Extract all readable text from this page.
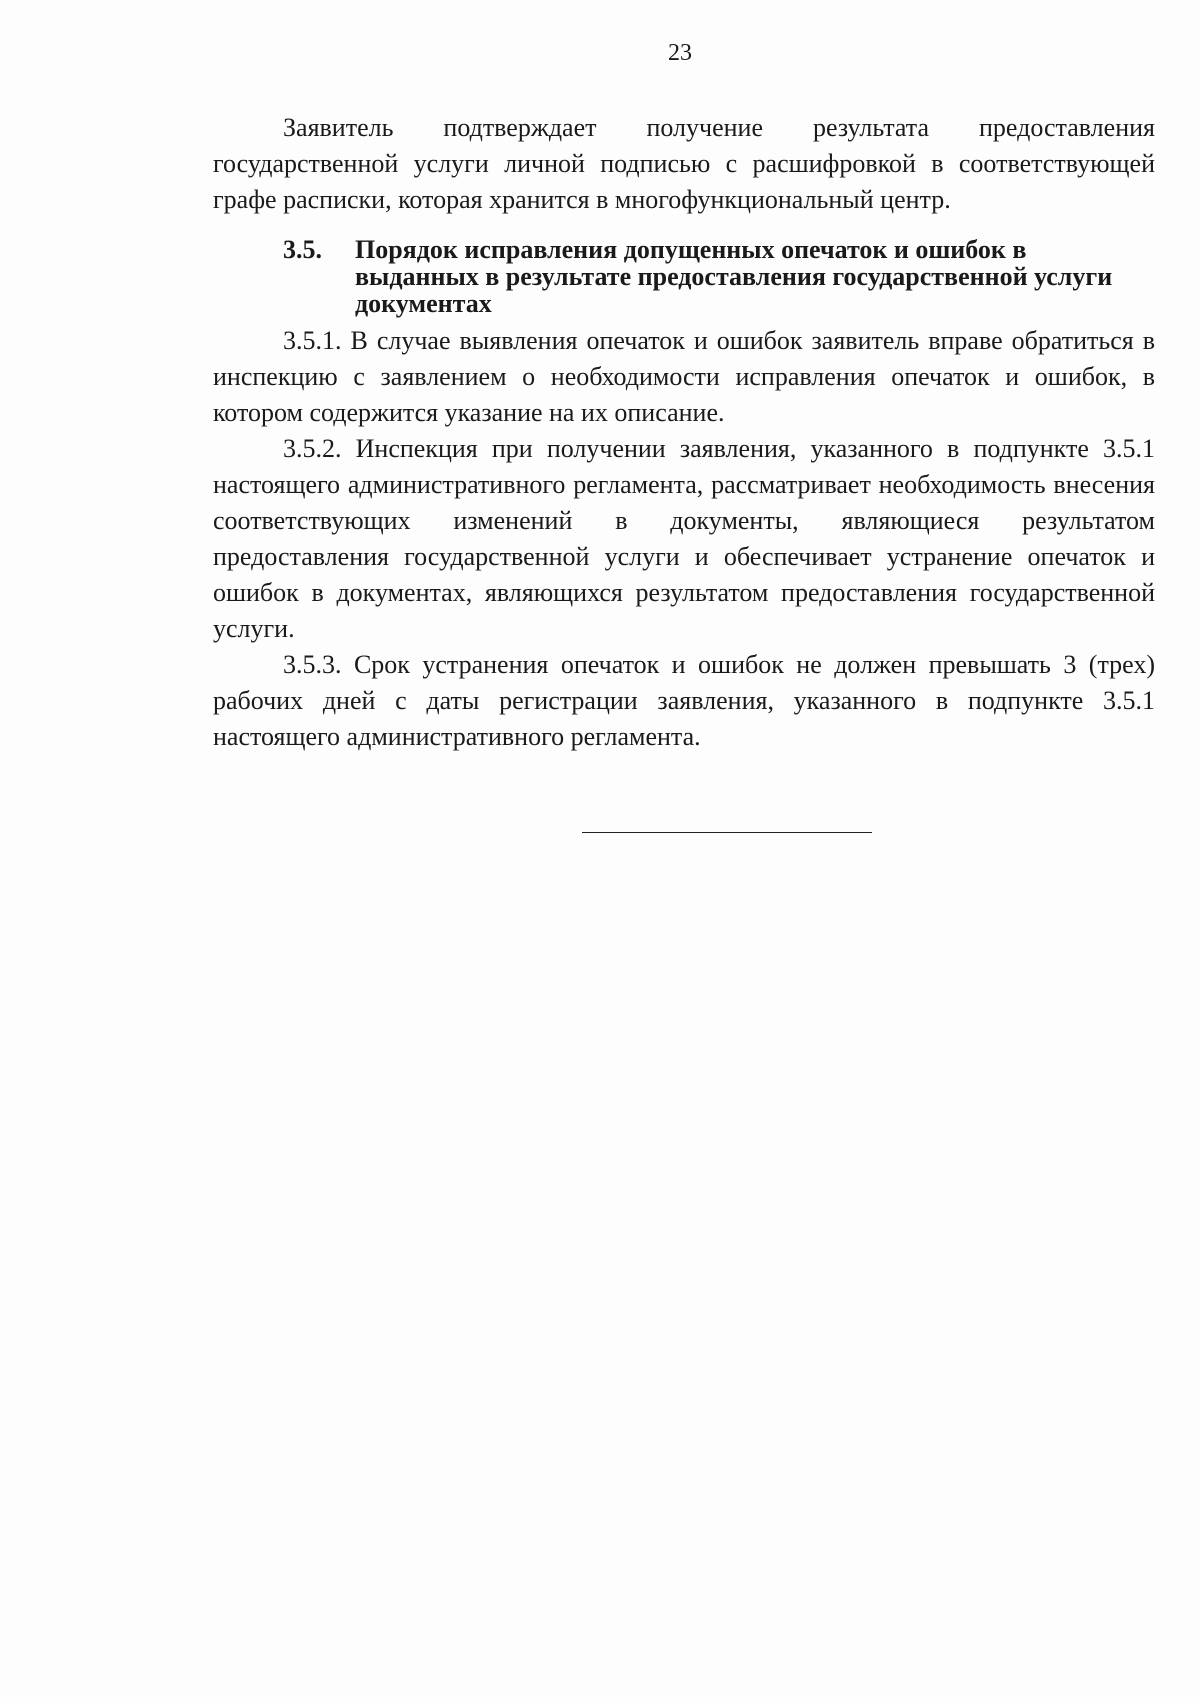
23

Заявитель подтверждает получение результата предоставления государственной услуги личной подписью с расшифровкой в соответствующей графе расписки, которая хранится в многофункциональный центр.

3.5.	Порядок исправления допущенных опечаток и ошибок в выданных в результате предоставления государственной услуги документах

3.5.1. В случае выявления опечаток и ошибок заявитель вправе обратиться в инспекцию с заявлением о необходимости исправления опечаток и ошибок, в котором содержится указание на их описание.

3.5.2. Инспекция при получении заявления, указанного в подпункте 3.5.1 настоящего административного регламента, рассматривает необходимость внесения соответствующих изменений в документы, являющиеся результатом предоставления государственной услуги и обеспечивает устранение опечаток и ошибок в документах, являющихся результатом предоставления государственной услуги.

3.5.3. Срок устранения опечаток и ошибок не должен превышать 3 (трех) рабочих дней с даты регистрации заявления, указанного в подпункте 3.5.1 настоящего административного регламента.
